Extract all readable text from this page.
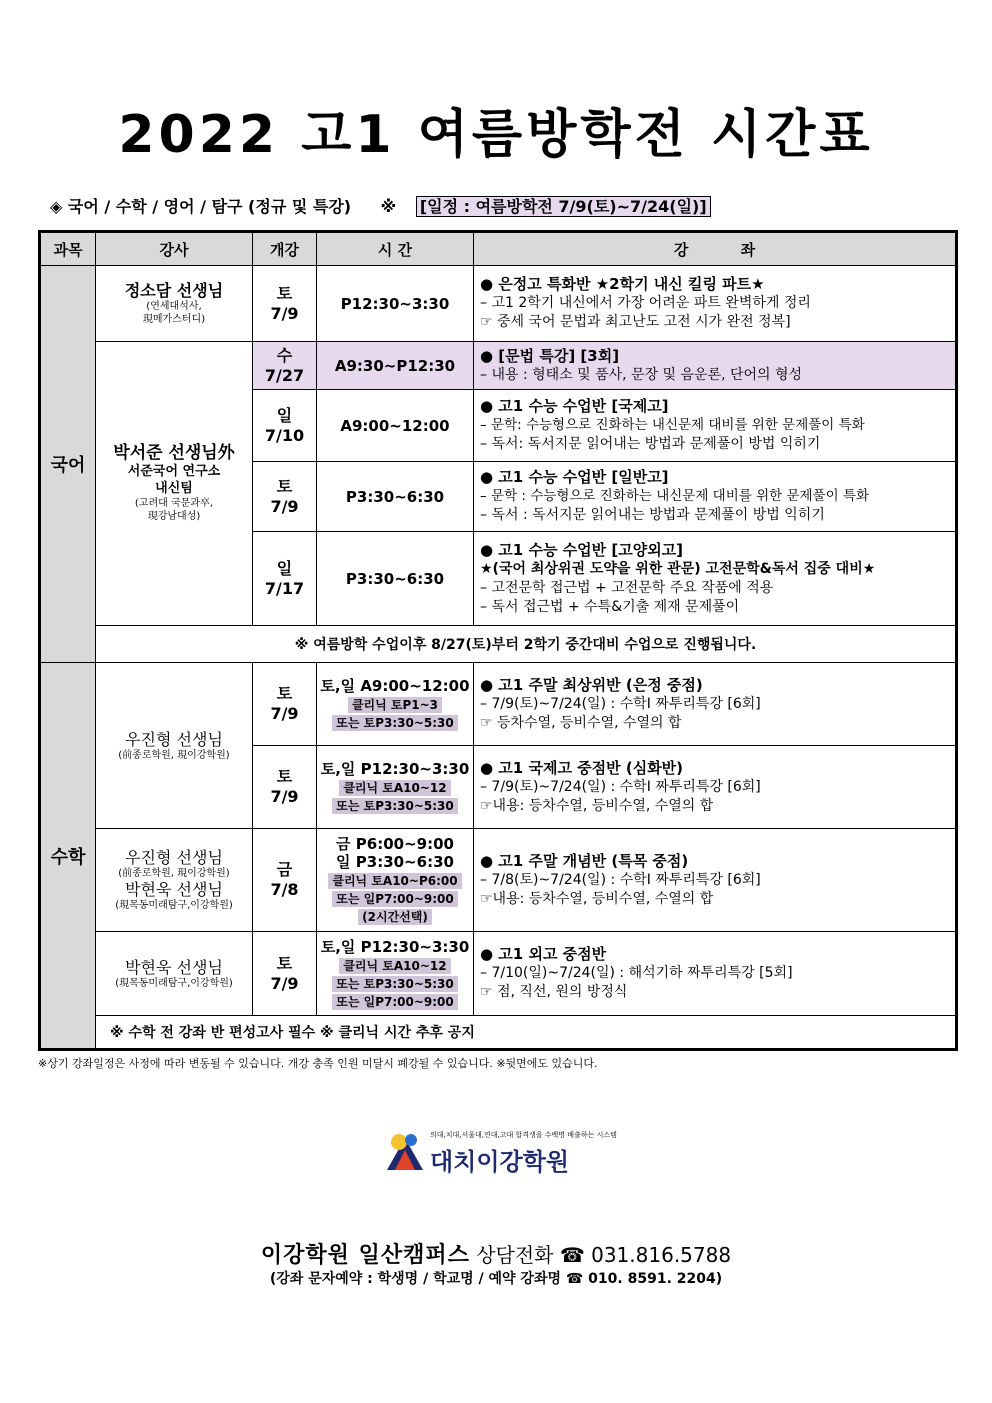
2022 고1 여름방학전 시간표
◈ 국어 / 수학 / 영어 / 탐구 (정규 및 특강) ※ [일정 : 여름방학전 7/9(토)~7/24(일)]
과목	강사	개강	시 간	강          좌
국어	정소담 선생님
(연세대석사,
現메가스터디)	토
7/9	P12:30~3:30	● 은정고 특화반 ★2학기 내신 킬링 파트★
– 고1 2학기 내신에서 가장 어려운 파트 완벽하게 정리
☞ 중세 국어 문법과 최고난도 고전 시가 완전 정복]

	박서준 선생님外
서준국어 연구소
내신팀
(고려대 국문과卒,
現강남대성)	수
7/27	A9:30~P12:30	● [문법 특강] [3회]
– 내용 : 형태소 및 품사, 문장 및 음운론, 단어의 형성

		일
7/10	A9:00~12:00	● 고1 수능 수업반 [국제고]
– 문학: 수능형으로 진화하는 내신문제 대비를 위한 문제풀이 특화
– 독서: 독서지문 읽어내는 방법과 문제풀이 방법 익히기

		토
7/9	P3:30~6:30	● 고1 수능 수업반 [일반고]
– 문학 : 수능형으로 진화하는 내신문제 대비를 위한 문제풀이 특화
– 독서 : 독서지문 읽어내는 방법과 문제풀이 방법 익히기

		일
7/17	P3:30~6:30	● 고1 수능 수업반 [고양외고]
★(국어 최상위권 도약을 위한 관문) 고전문학&독서 집중 대비★
– 고전문학 접근법 + 고전문학 주요 작품에 적용
– 독서 접근법 + 수특&기출 제재 문제풀이

	※ 여름방학 수업이후 8/27(토)부터 2학기 중간대비 수업으로 진행됩니다.			
수학	우진형 선생님
(前종로학원, 現이강학원)	토
7/9	토,일 A9:00~12:00
클리닉 토P1~3
또는 토P3:30~5:30	● 고1 주말 최상위반 (은정 중점)
– 7/9(토)~7/24(일) : 수학Ⅰ 짜투리특강 [6회]
☞ 등차수열, 등비수열, 수열의 합

		토
7/9	토,일 P12:30~3:30
클리닉 토A10~12
또는 토P3:30~5:30	● 고1 국제고 중점반 (심화반)
– 7/9(토)~7/24(일) : 수학Ⅰ 짜투리특강 [6회]
☞내용: 등차수열, 등비수열, 수열의 합

	우진형 선생님
(前종로학원, 現이강학원)
박현욱 선생님
(現목동미래탐구,이강학원)	금
7/8	금 P6:00~9:00
일 P3:30~6:30
클리닉 토A10~P6:00
또는 일P7:00~9:00
(2시간선택)	● 고1 주말 개념반 (특목 중점)
– 7/8(토)~7/24(일) : 수학Ⅰ 짜투리특강 [6회]
☞내용: 등차수열, 등비수열, 수열의 합

	박현욱 선생님
(現목동미래탐구,이강학원)	토
7/9	토,일 P12:30~3:30
클리닉 토A10~12
또는 토P3:30~5:30
또는 일P7:00~9:00	● 고1 외고 중점반
– 7/10(일)~7/24(일) : 해석기하 짜투리특강 [5회]
☞ 점, 직선, 원의 방정식

	※ 수학 전 강좌 반 편성고사 필수 ※ 클리닉 시간 추후 공지			
※상기 강좌일정은 사정에 따라 변동될 수 있습니다. 개강 충족 인원 미달시 폐강될 수 있습니다. ※뒷면에도 있습니다.
의대,치대,서울대,연대,고대 합격생을 수백명 배출하는 시스템
대치이강학원
이강학원 일산캠퍼스 상담전화 ☎ 031.816.5788
(강좌 문자예약 : 학생명 / 학교명 / 예약 강좌명 ☎ 010. 8591. 2204)
